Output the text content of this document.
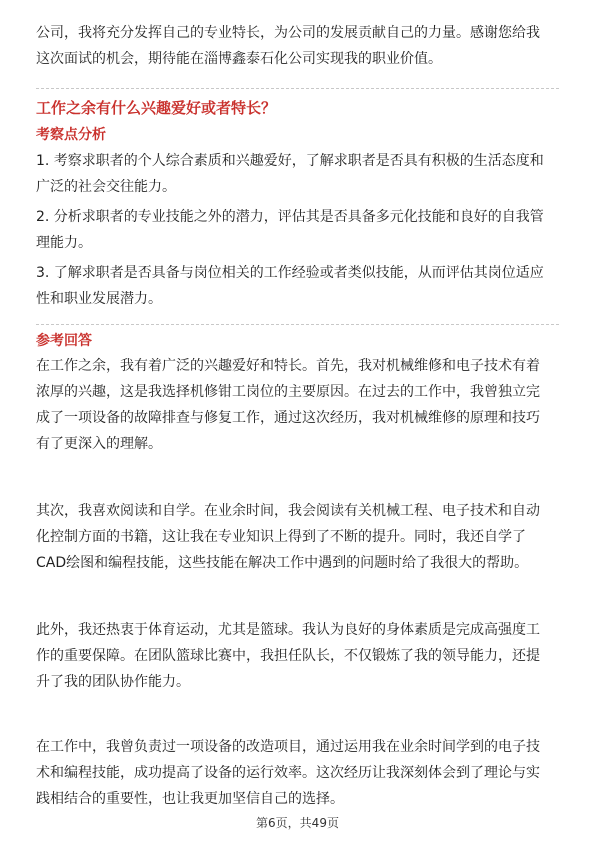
公司，我将充分发挥自己的专业特长，为公司的发展贡献自己的力量。感谢您给我
这次面试的机会，期待能在淄博鑫泰石化公司实现我的职业价值。
工作之余有什么兴趣爱好或者特长？
考察点分析
1. 考察求职者的个人综合素质和兴趣爱好，了解求职者是否具有积极的生活态度和
广泛的社会交往能力。
2. 分析求职者的专业技能之外的潜力，评估其是否具备多元化技能和良好的自我管
理能力。
3. 了解求职者是否具备与岗位相关的工作经验或者类似技能，从而评估其岗位适应
性和职业发展潜力。
参考回答
在工作之余，我有着广泛的兴趣爱好和特长。首先，我对机械维修和电子技术有着
浓厚的兴趣，这是我选择机修钳工岗位的主要原因。在过去的工作中，我曾独立完
成了一项设备的故障排查与修复工作，通过这次经历，我对机械维修的原理和技巧
有了更深入的理解。
其次，我喜欢阅读和自学。在业余时间，我会阅读有关机械工程、电子技术和自动
化控制方面的书籍，这让我在专业知识上得到了不断的提升。同时，我还自学了
CAD绘图和编程技能，这些技能在解决工作中遇到的问题时给了我很大的帮助。
此外，我还热衷于体育运动，尤其是篮球。我认为良好的身体素质是完成高强度工
作的重要保障。在团队篮球比赛中，我担任队长，不仅锻炼了我的领导能力，还提
升了我的团队协作能力。
在工作中，我曾负责过一项设备的改造项目，通过运用我在业余时间学到的电子技
术和编程技能，成功提高了设备的运行效率。这次经历让我深刻体会到了理论与实
践相结合的重要性，也让我更加坚信自己的选择。
第6页，共49页
